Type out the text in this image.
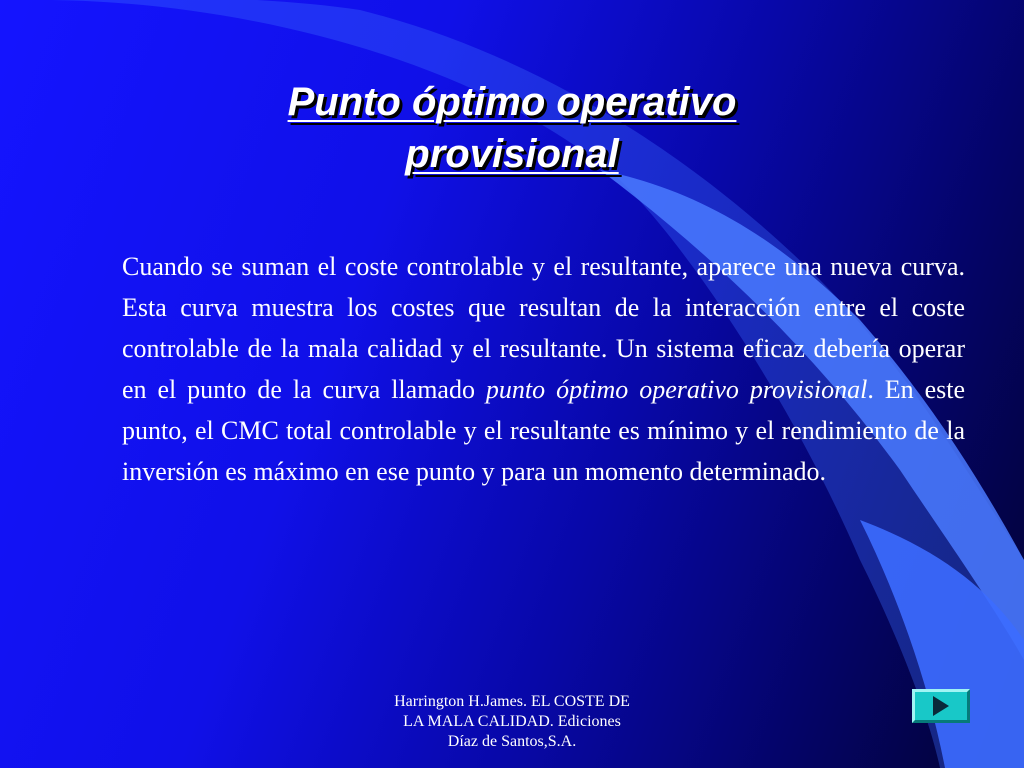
Punto óptimo operativo
provisional

Cuando se suman el coste controlable y el resultante, aparece una nueva curva. Esta curva muestra los costes que resultan de la interacción entre el coste controlable de la mala calidad y el resultante. Un sistema eficaz debería operar en el punto de la curva llamado punto óptimo operativo provisional. En este punto, el CMC total controlable y el resultante es mínimo y el rendimiento de la inversión es máximo en ese punto y para un momento determinado.

Harrington H.James. EL COSTE DE
LA MALA CALIDAD. Ediciones
Díaz de Santos,S.A.
